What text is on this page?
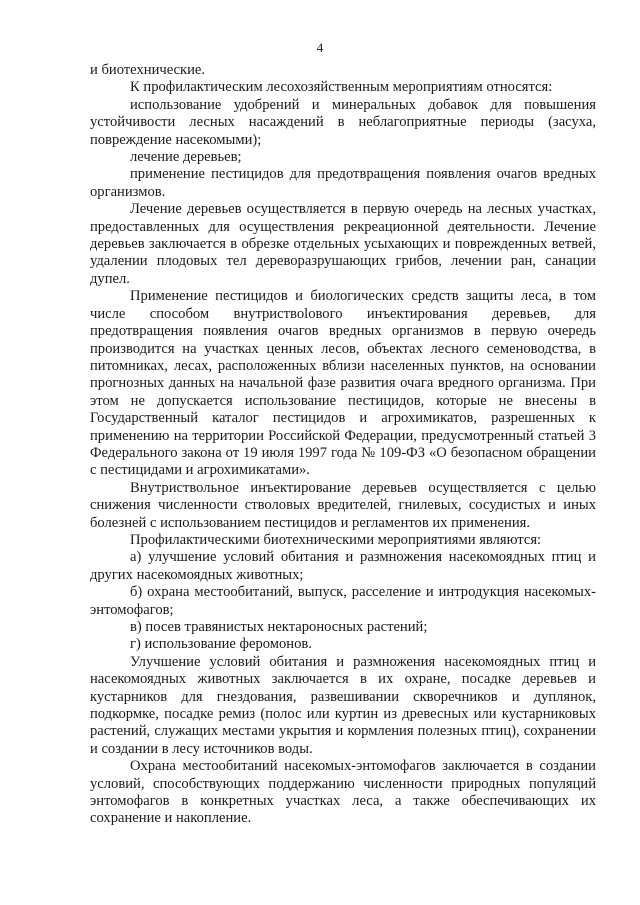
4

и биотехнические.

К профилактическим лесохозяйственным мероприятиям относятся:

использование удобрений и минеральных добавок для повышения устойчивости лесных насаждений в неблагоприятные периоды (засуха, повреждение насекомыми);

лечение деревьев;

применение пестицидов для предотвращения появления очагов вредных организмов.

Лечение деревьев осуществляется в первую очередь на лесных участках, предоставленных для осуществления рекреационной деятельности. Лечение деревьев заключается в обрезке отдельных усыхающих и поврежденных ветвей, удалении плодовых тел дереворазрушающих грибов, лечении ран, санации дупел.

Применение пестицидов и биологических средств защиты леса, в том числе способом внутриствolового инъектирования деревьев, для предотвращения появления очагов вредных организмов в первую очередь производится на участках ценных лесов, объектах лесного семеноводства, в питомниках, лесах, расположенных вблизи населенных пунктов, на основании прогнозных данных на начальной фазе развития очага вредного организма. При этом не допускается использование пестицидов, которые не внесены в Государственный каталог пестицидов и агрохимикатов, разрешенных к применению на территории Российской Федерации, предусмотренный статьей 3 Федерального закона от 19 июля 1997 года № 109-ФЗ «О безопасном обращении с пестицидами и агрохимикатами».

Внутриствольное инъектирование деревьев осуществляется с целью снижения численности стволовых вредителей, гнилевых, сосудистых и иных болезней с использованием пестицидов и регламентов их применения.

Профилактическими биотехническими мероприятиями являются:

а) улучшение условий обитания и размножения насекомоядных птиц и других насекомоядных животных;

б) охрана местообитаний, выпуск, расселение и интродукция насекомых-энтомофагов;

в) посев травянистых нектароносных растений;

г) использование феромонов.

Улучшение условий обитания и размножения насекомоядных птиц и насекомоядных животных заключается в их охране, посадке деревьев и кустарников для гнездования, развешивании скворечников и дуплянок, подкормке, посадке ремиз (полос или куртин из древесных или кустарниковых растений, служащих местами укрытия и кормления полезных птиц), сохранении и создании в лесу источников воды.

Охрана местообитаний насекомых-энтомофагов заключается в создании условий, способствующих поддержанию численности природных популяций энтомофагов в конкретных участках леса, а также обеспечивающих их сохранение и накопление.
